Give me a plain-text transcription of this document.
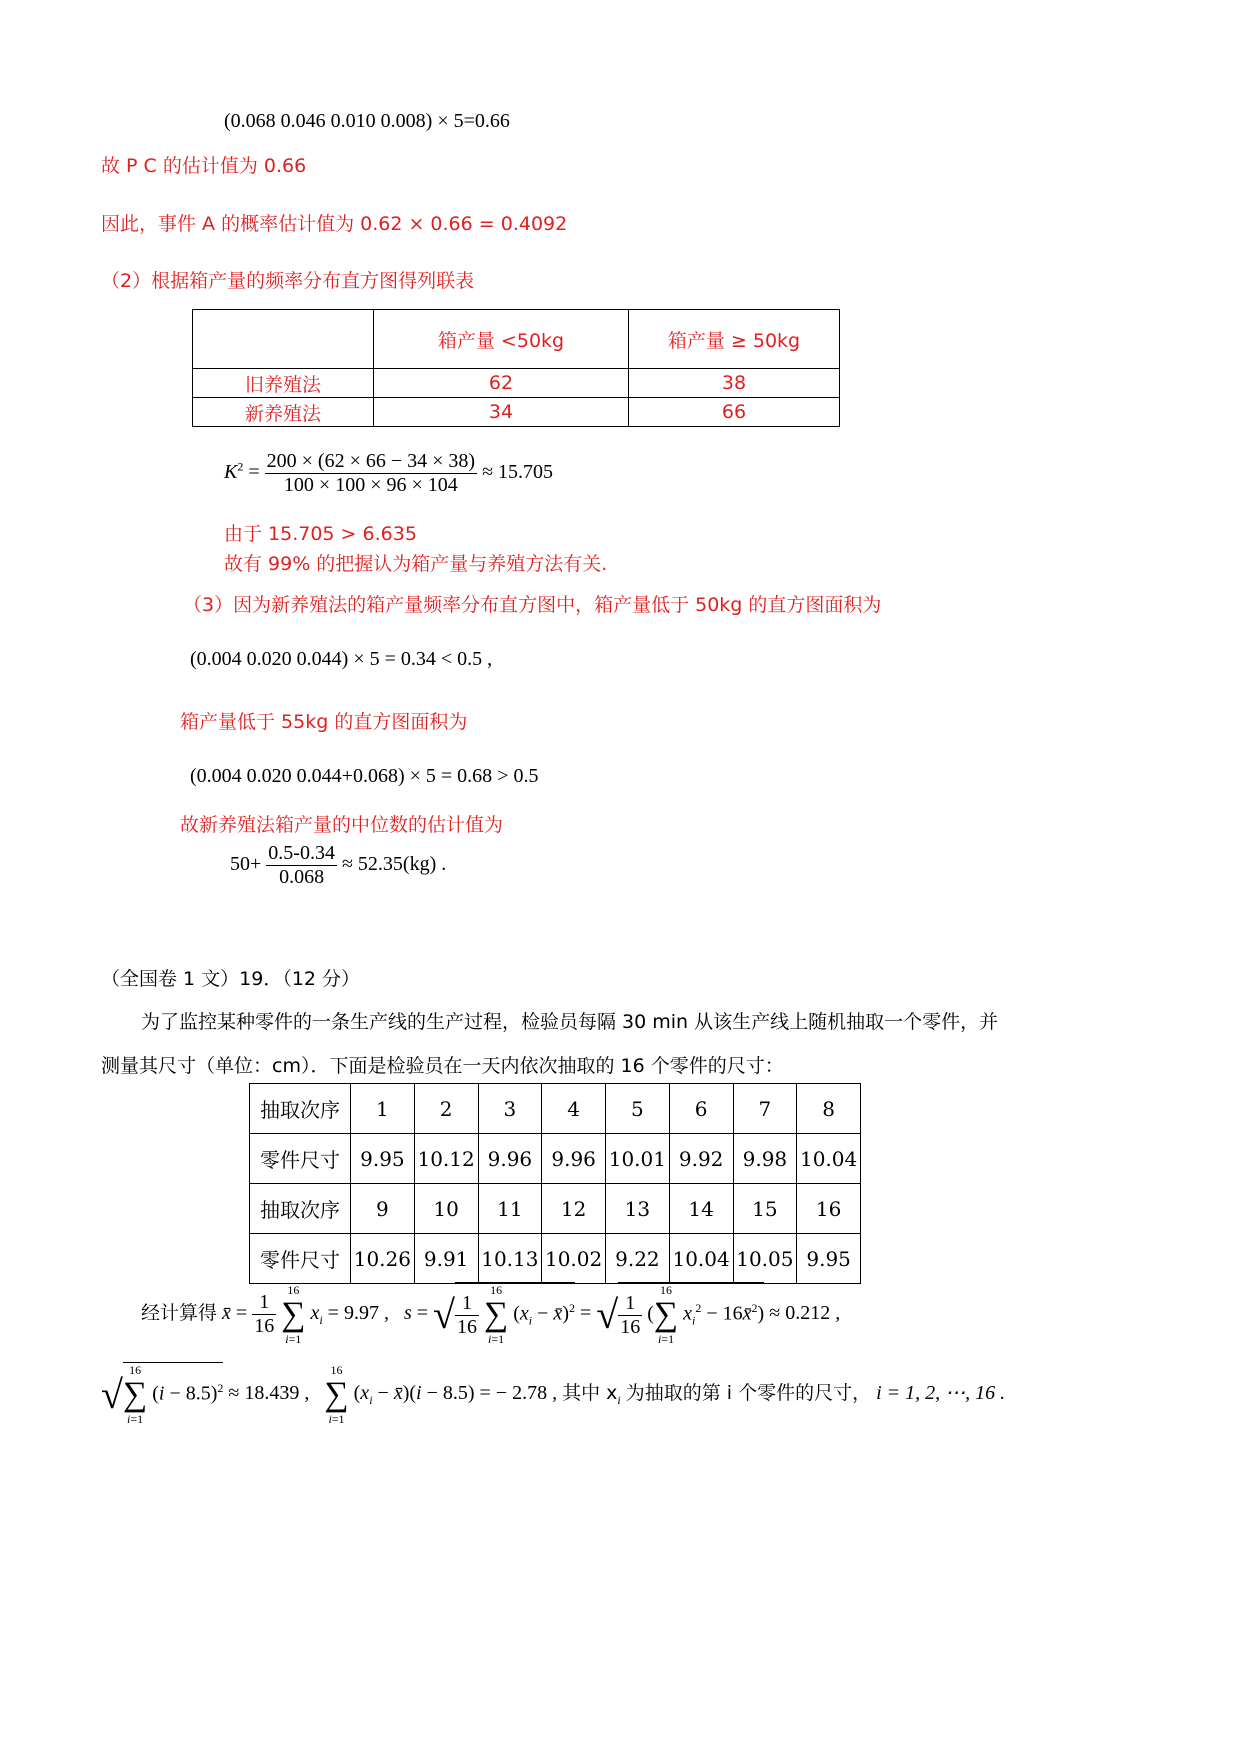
(0.068 0.046 0.010 0.008) × 5=0.66
故 P C 的估计值为 0.66
因此，事件 A 的概率估计值为 0.62 × 0.66 = 0.4092
（2）根据箱产量的频率分布直方图得列联表
	箱产量 <50kg	箱产量 ≥ 50kg
旧养殖法	62	38
新养殖法	34	66
$K^2 = \frac{200 \times (62 \times 66 - 34 \times 38)}{100 \times 100 \times 96 \times 104} \approx 15.705$
由于 15.705 > 6.635
故有 99% 的把握认为箱产量与养殖方法有关.
（3）因为新养殖法的箱产量频率分布直方图中，箱产量低于 50kg 的直方图面积为
(0.004 0.020 0.044) × 5 = 0.34 < 0.5 ,
箱产量低于 55kg 的直方图面积为
(0.004 0.020 0.044+0.068) × 5 = 0.68 > 0.5
故新养殖法箱产量的中位数的估计值为
$50+ \frac{0.5-0.34}{0.068} \approx 52.35(kg)$ .
（全国卷 1 文）19．（12 分）
为了监控某种零件的一条生产线的生产过程，检验员每隔 30 min 从该生产线上随机抽取一个零件，并
测量其尺寸（单位：cm）．下面是检验员在一天内依次抽取的 16 个零件的尺寸：
抽取次序	1	2	3	4	5	6	7	8
零件尺寸	9.95	10.12	9.96	9.96	10.01	9.92	9.98	10.04
抽取次序	9	10	11	12	13	14	15	16
零件尺寸	10.26	9.91	10.13	10.02	9.22	10.04	10.05	9.95
经计算得 x̄ = $\frac{1}{16}$

16
∑
i=1
$x_i = 9.97$ , s = √ $\frac{1}{16}$

16
∑
i=1
($x_i$ − x̄)$^2$ = √ $\frac{1}{16}$ (
16
∑
i=1
$x_i^2$ − 16x̄$^2$) ≈ 0.212 ,
√
16
∑
i=1
$(i - 8.5)^2 \approx 18.439$ ,
16
∑
i=1
($x_i$ − x̄)(i − 8.5) = − 2.78 , 其中 $x_i$ 为抽取的第 i 个零件的尺寸， i = 1, 2, ⋯, 16 .
